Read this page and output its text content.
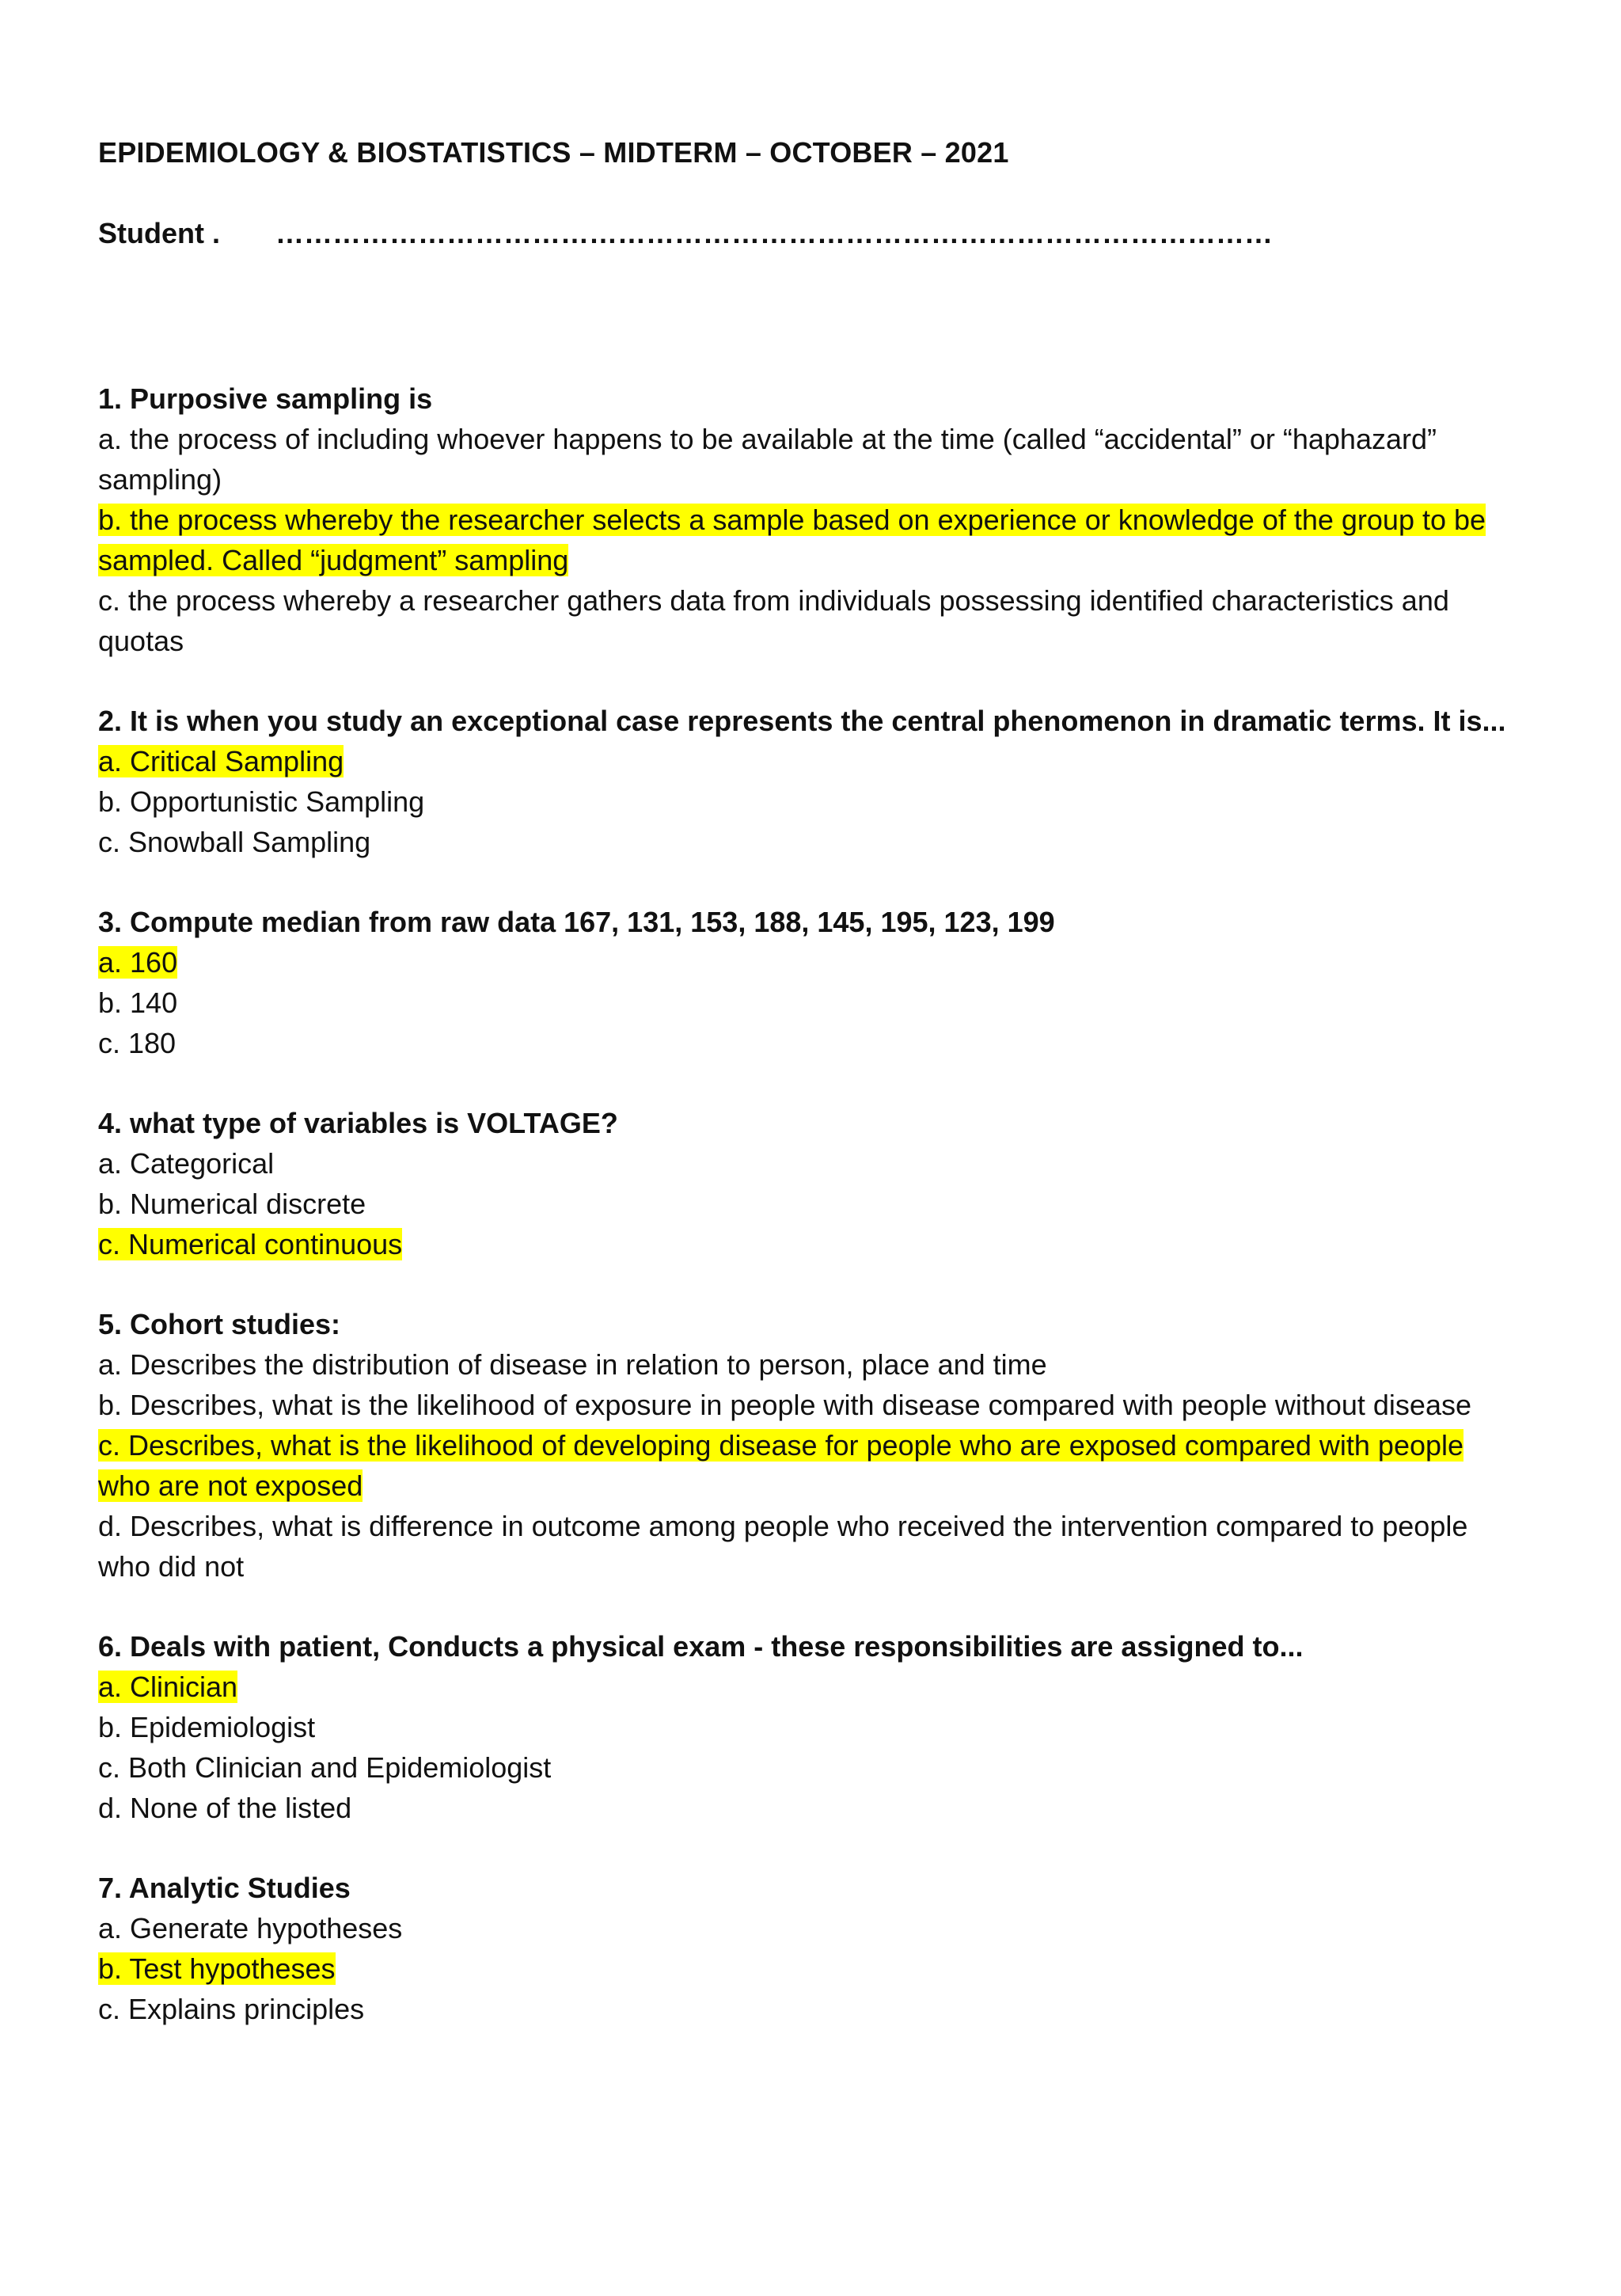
EPIDEMIOLOGY & BIOSTATISTICS – MIDTERM – OCTOBER – 2021
Student . ……………………………………………………………………………………………
1. Purposive sampling is
a. the process of including whoever happens to be available at the time (called “accidental” or “haphazard” sampling)
b. the process whereby the researcher selects a sample based on experience or knowledge of the group to be sampled. Called “judgment” sampling
c. the process whereby a researcher gathers data from individuals possessing identified characteristics and quotas
2. It is when you study an exceptional case represents the central phenomenon in dramatic terms. It is...
a. Critical Sampling
b. Opportunistic Sampling
c. Snowball Sampling
3. Compute median from raw data 167, 131, 153, 188, 145, 195, 123, 199
a. 160
b. 140
c. 180
4. what type of variables is VOLTAGE?
a. Categorical
b. Numerical discrete
c. Numerical continuous
5. Cohort studies:
a. Describes the distribution of disease in relation to person, place and time
b. Describes, what is the likelihood of exposure in people with disease compared with people without disease
c. Describes, what is the likelihood of developing disease for people who are exposed compared with people who are not exposed
d. Describes, what is difference in outcome among people who received the intervention compared to people who did not
6. Deals with patient, Conducts a physical exam - these responsibilities are assigned to...
a. Clinician
b. Epidemiologist
c. Both Clinician and Epidemiologist
d. None of the listed
7. Analytic Studies
a. Generate hypotheses
b. Test hypotheses
c. Explains principles
